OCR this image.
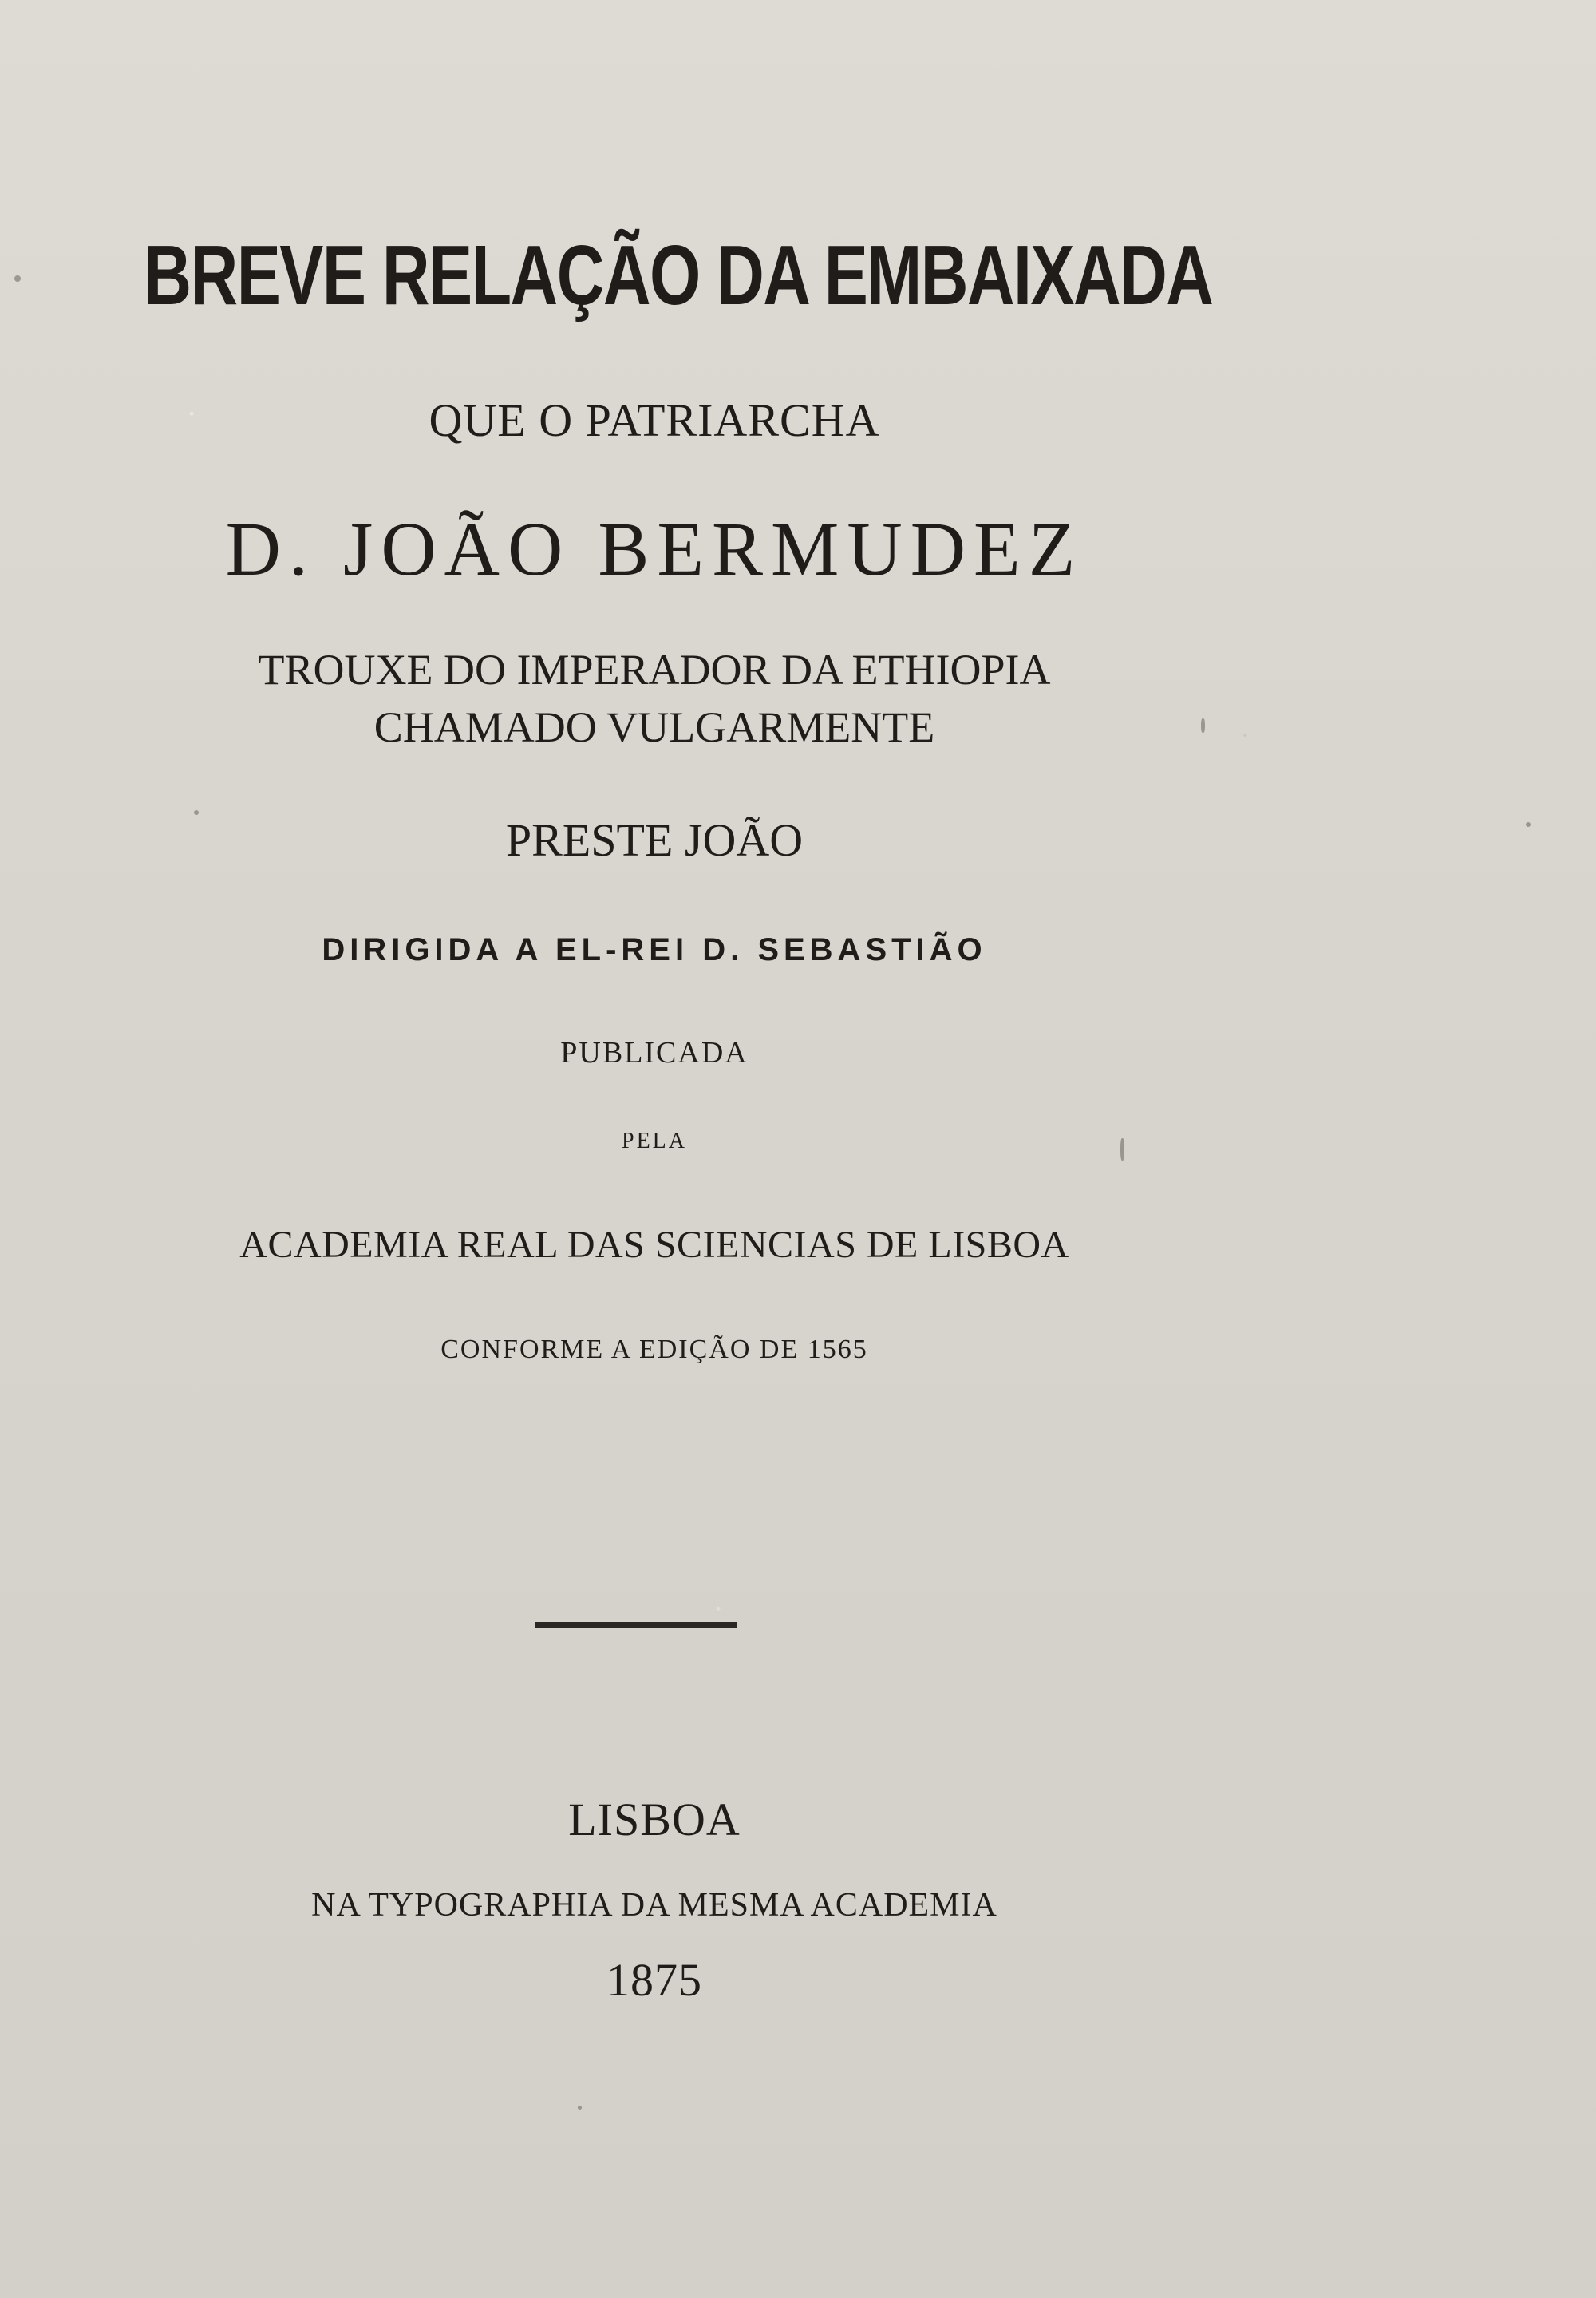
BREVE RELAÇÃO DA EMBAIXADA
QUE O PATRIARCHA
D. JOÃO BERMUDEZ
TROUXE DO IMPERADOR DA ETHIOPIA
CHAMADO VULGARMENTE
PRESTE JOÃO
DIRIGIDA A EL-REI D. SEBASTIÃO
PUBLICADA
PELA
ACADEMIA REAL DAS SCIENCIAS DE LISBOA
CONFORME A EDIÇÃO DE 1565
LISBOA
NA TYPOGRAPHIA DA MESMA ACADEMIA
1875
